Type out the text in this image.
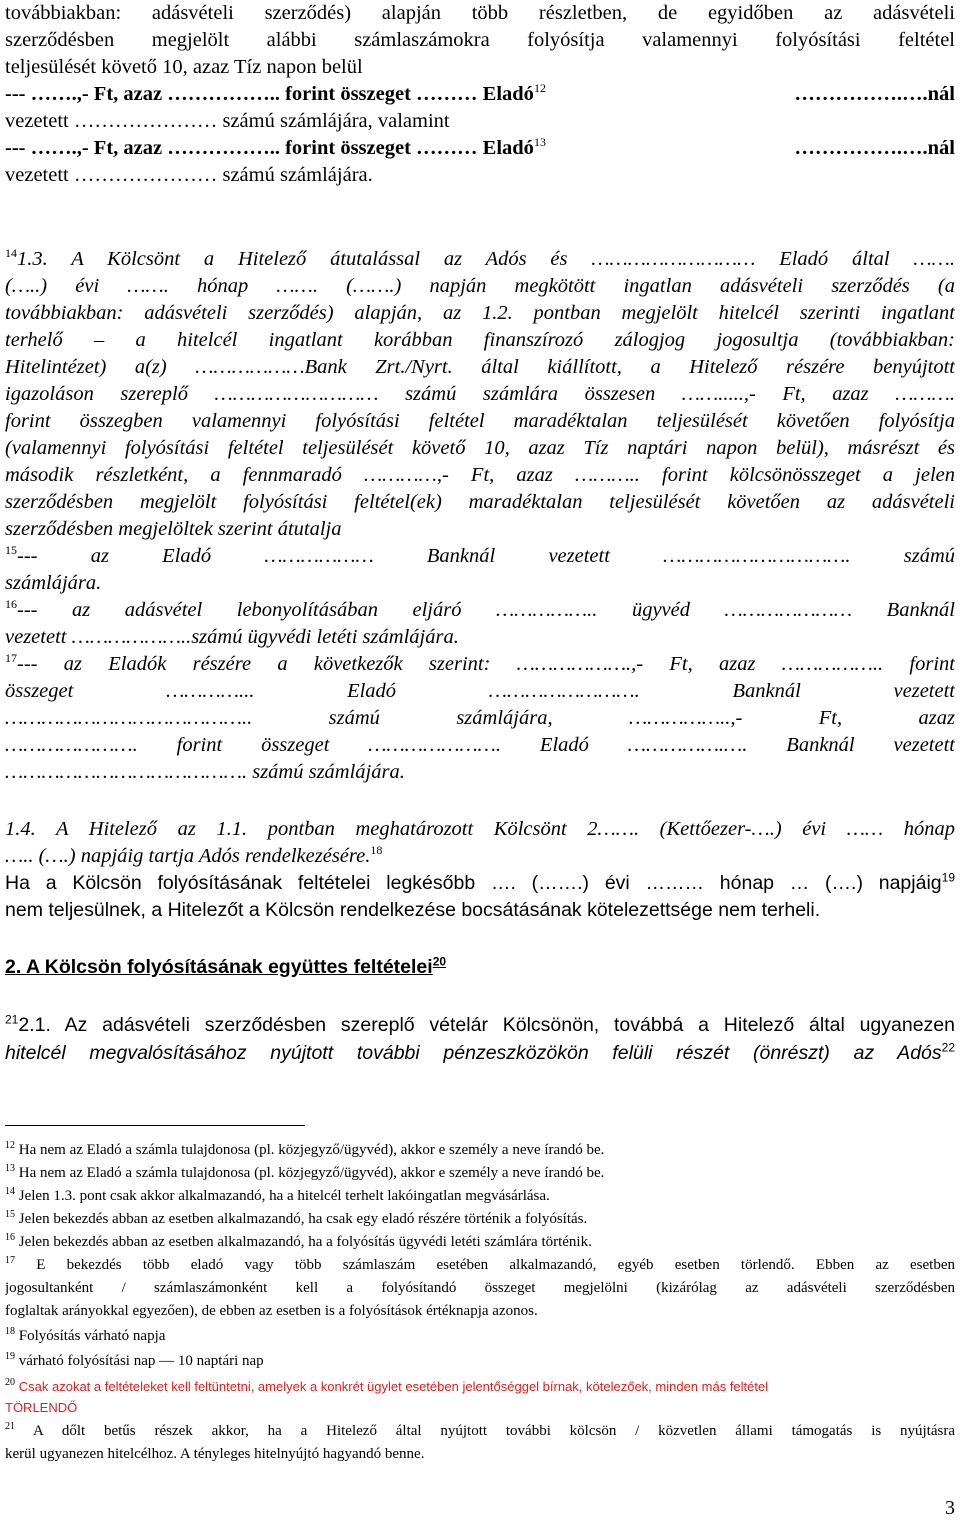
továbbiakban: adásvételi szerződés) alapján több részletben, de egyidőben az adásvételi
szerződésben megjelölt alábbi számlaszámokra folyósítja valamennyi folyósítási feltétel
teljesülését követő 10, azaz Tíz napon belül
--- …….,- Ft, azaz …………….. forint összeget ……… Eladó$^{12}$	…………….….nál
vezetett ………………… számú számlájára, valamint
--- …….,- Ft, azaz …………….. forint összeget ……… Eladó$^{13}$	…………….….nál
vezetett ………………… számú számlájára.
$^{14}$1.3. A Kölcsönt a Hitelező átutalással az Adós és ……………………… Eladó által …….
(…..) évi ……. hónap ……. (…….) napján megkötött ingatlan adásvételi szerződés (a
továbbiakban: adásvételi szerződés) alapján, az 1.2. pontban megjelölt hitelcél szerinti ingatlant
terhelő – a hitelcél ingatlant korábban finanszírozó zálogjog jogosultja (továbbiakban:
Hitelintézet) a(z) ………………Bank Zrt./Nyrt. által kiállított, a Hitelező részére benyújtott
igazoláson szereplő ……………………… számú számlára összesen …….....,- Ft, azaz ……….
forint összegben valamennyi folyósítási feltétel maradéktalan teljesülését követően folyósítja
(valamennyi folyósítási feltétel teljesülését követő 10, azaz Tíz naptári napon belül), másrészt és
második részletként, a fennmaradó …………,- Ft, azaz ……….. forint kölcsönösszeget a jelen
szerződésben megjelölt folyósítási feltétel(ek) maradéktalan teljesülését követően az adásvételi
szerződésben megjelöltek szerint átutalja
$^{15}$--- az Eladó ……………… Banknál vezetett …………………………. számú
számlájára.
$^{16}$--- az adásvétel lebonyolításában eljáró …………….. ügyvéd ………………… Banknál
vezetett ………………..számú ügyvédi letéti számlájára.
$^{17}$--- az Eladók részére a következők szerint: ……………….,- Ft, azaz …………….. forint
összeget …………... Eladó ……………………. Banknál vezetett
………………………………….. számú számlájára, ……………..,- Ft, azaz
…………………. forint összeget …………………. Eladó …………….…. Banknál vezetett
…………………………………. számú számlájára.
1.4. A Hitelező az 1.1. pontban meghatározott Kölcsönt 2……. (Kettőezer-….) évi …… hónap
….. (….) napjáig tartja Adós rendelkezésére.$^{18}$
Ha a Kölcsön folyósításának feltételei legkésőbb …. (…….) évi ……… hónap … (….) napjáig$^{19}$
nem teljesülnek, a Hitelezőt a Kölcsön rendelkezése bocsátásának kötelezettsége nem terheli.
2. A Kölcsön folyósításának együttes feltételei$^{20}$
$^{21}$2.1. Az adásvételi szerződésben szereplő vételár Kölcsönön, továbbá a Hitelező által ugyanezen
hitelcél megvalósításához nyújtott további pénzeszközökön felüli részét (önrészt) az Adós$^{22}$
$^{12}$ Ha nem az Eladó a számla tulajdonosa (pl. közjegyző/ügyvéd), akkor e személy a neve írandó be.
$^{13}$ Ha nem az Eladó a számla tulajdonosa (pl. közjegyző/ügyvéd), akkor e személy a neve írandó be.
$^{14}$ Jelen 1.3. pont csak akkor alkalmazandó, ha a hitelcél terhelt lakóingatlan megvásárlása.
$^{15}$ Jelen bekezdés abban az esetben alkalmazandó, ha csak egy eladó részére történik a folyósítás.
$^{16}$ Jelen bekezdés abban az esetben alkalmazandó, ha a folyósítás ügyvédi letéti számlára történik.
$^{17}$ E bekezdés több eladó vagy több számlaszám esetében alkalmazandó, egyéb esetben törlendő. Ebben az esetben
jogosultanként / számlaszámonként kell a folyósítandó összeget megjelölni (kizárólag az adásvételi szerződésben
foglaltak arányokkal egyezően), de ebben az esetben is a folyósítások értéknapja azonos.
$^{18}$ Folyósítás várható napja
$^{19}$ várható folyósítási nap — 10 naptári nap
$^{20}$ Csak azokat a feltételeket kell feltüntetni, amelyek a konkrét ügylet esetében jelentőséggel bírnak, kötelezőek, minden más feltétel
TÖRLENDŐ
$^{21}$ A dőlt betűs részek akkor, ha a Hitelező által nyújtott további kölcsön / közvetlen állami támogatás is nyújtásra
kerül ugyanezen hitelcélhoz. A tényleges hitelnyújtó hagyandó benne.
3
